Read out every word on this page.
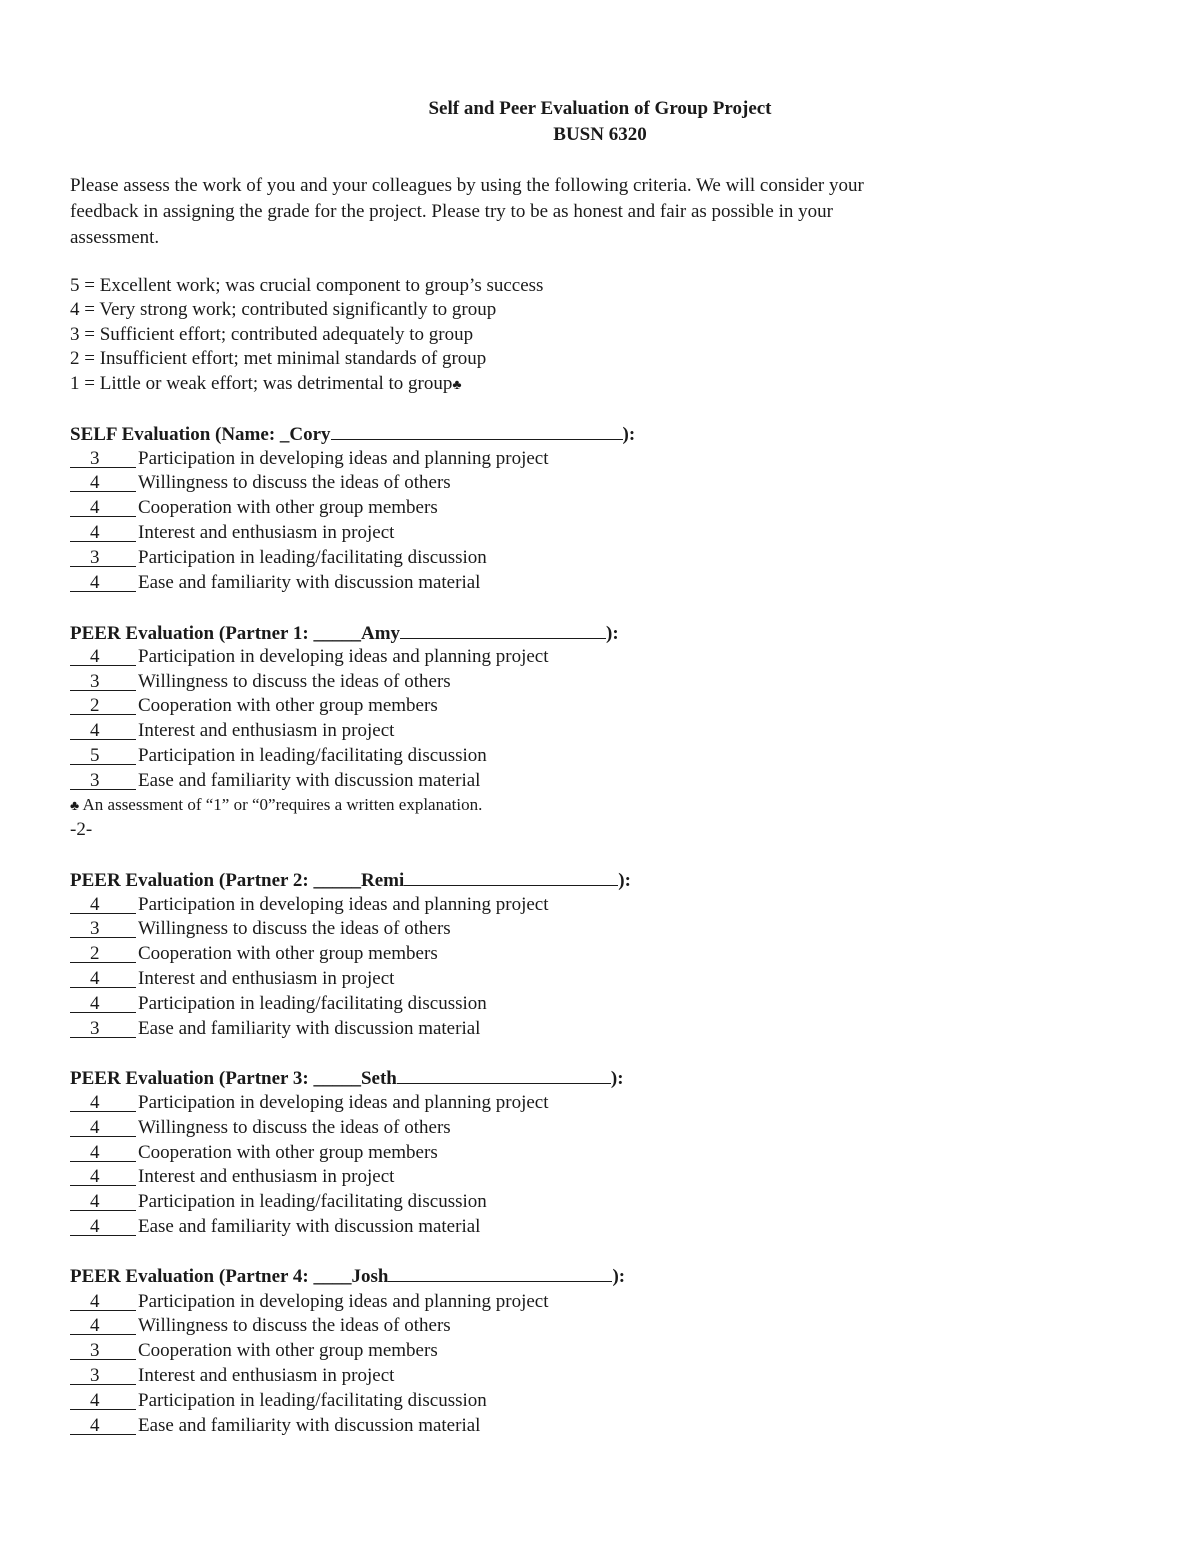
Self and Peer Evaluation of Group Project
BUSN 6320
Please assess the work of you and your colleagues by using the following criteria. We will consider your feedback in assigning the grade for the project. Please try to be as honest and fair as possible in your assessment.
5 = Excellent work; was crucial component to group’s success
4 = Very strong work; contributed significantly to group
3 = Sufficient effort; contributed adequately to group
2 = Insufficient effort; met minimal standards of group
1 = Little or weak effort; was detrimental to group♣
SELF Evaluation (Name: _Cory	):
3 Participation in developing ideas and planning project
4 Willingness to discuss the ideas of others
4 Cooperation with other group members
4 Interest and enthusiasm in project
3 Participation in leading/facilitating discussion
4 Ease and familiarity with discussion material
PEER Evaluation (Partner 1: _____Amy	):
4 Participation in developing ideas and planning project
3 Willingness to discuss the ideas of others
2 Cooperation with other group members
4 Interest and enthusiasm in project
5 Participation in leading/facilitating discussion
3 Ease and familiarity with discussion material
♣ An assessment of “1” or “0”requires a written explanation.
-2-
PEER Evaluation (Partner 2: _____Remi	):
4 Participation in developing ideas and planning project
3 Willingness to discuss the ideas of others
2 Cooperation with other group members
4 Interest and enthusiasm in project
4 Participation in leading/facilitating discussion
3 Ease and familiarity with discussion material
PEER Evaluation (Partner 3: _____Seth	):
4 Participation in developing ideas and planning project
4 Willingness to discuss the ideas of others
4 Cooperation with other group members
4 Interest and enthusiasm in project
4 Participation in leading/facilitating discussion
4 Ease and familiarity with discussion material
PEER Evaluation (Partner 4: ____Josh	):
4 Participation in developing ideas and planning project
4 Willingness to discuss the ideas of others
3 Cooperation with other group members
3 Interest and enthusiasm in project
4 Participation in leading/facilitating discussion
4 Ease and familiarity with discussion material
